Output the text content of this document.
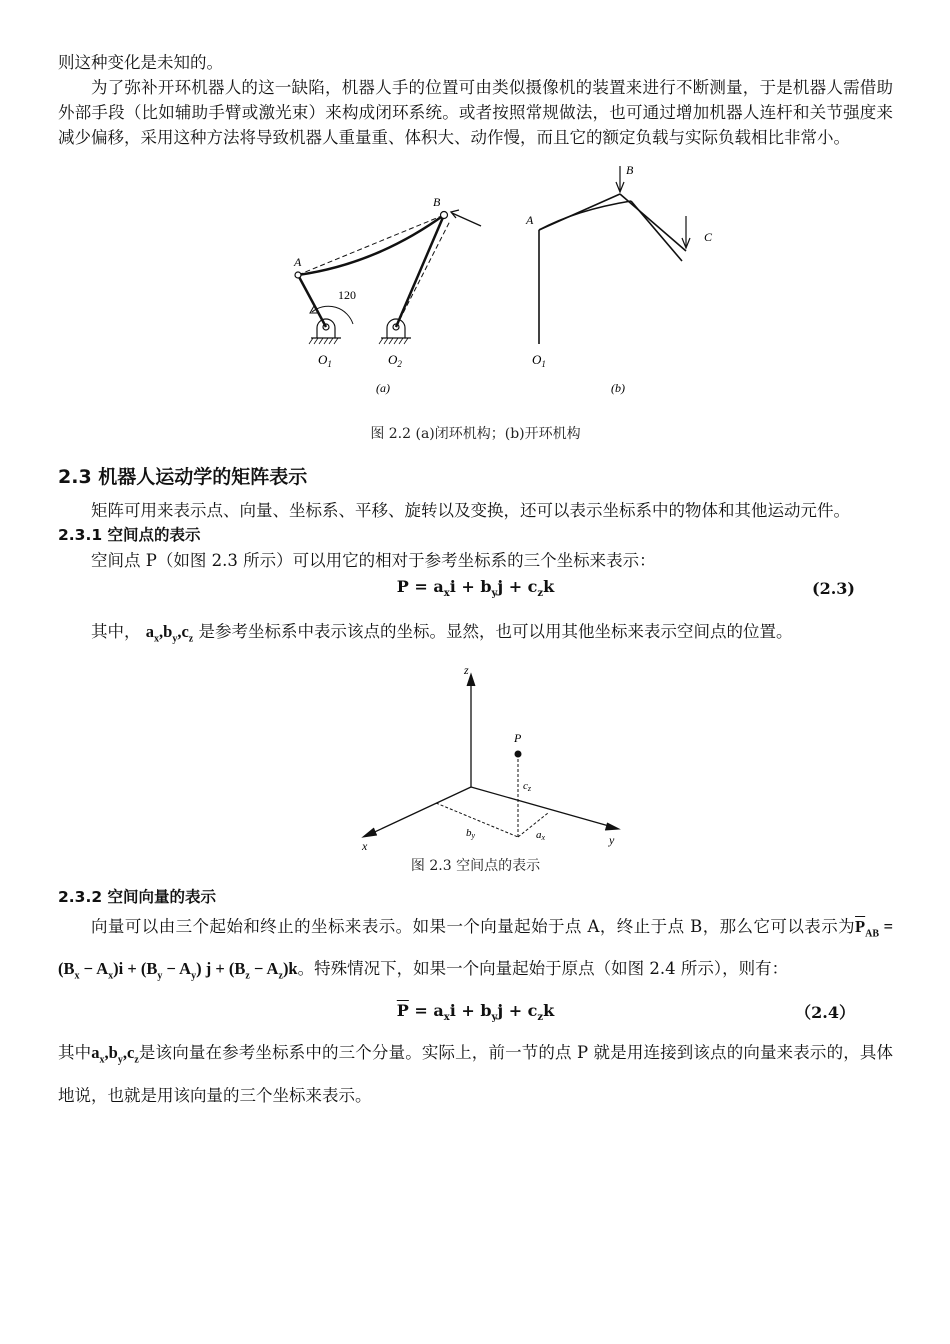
则这种变化是未知的。

为了弥补开环机器人的这一缺陷，机器人手的位置可由类似摄像机的装置来进行不断测量，于是机器人需借助外部手段（比如辅助手臂或激光束）来构成闭环系统。或者按照常规做法，也可通过增加机器人连杆和关节强度来减少偏移，采用这种方法将导致机器人重量重、体积大、动作慢，而且它的额定负载与实际负载相比非常小。

A
B
120
$O_1$	$O_2$
(a)
A
B
C
$O_1$
(b)

图 2.2 (a)闭环机构；(b)开环机构

2.3 机器人运动学的矩阵表示

矩阵可用来表示点、向量、坐标系、平移、旋转以及变换，还可以表示坐标系中的物体和其他运动元件。

2.3.1 空间点的表示

空间点 P（如图 2.3 所示）可以用它的相对于参考坐标系的三个坐标来表示：

$P = a_xi + b_yj + c_zk$	(2.3)

其中， $a_x,b_y,c_z$ 是参考坐标系中表示该点的坐标。显然，也可以用其他坐标来表示空间点的位置。

z
x	y
P
cz
by	ax

图 2.3 空间点的表示

2.3.2 空间向量的表示

向量可以由三个起始和终止的坐标来表示。如果一个向量起始于点 A，终止于点 B，那么它可以表示为$\overline{P}_{AB} = (B_x - A_x)i + (B_y - A_y) j + (B_z - A_z)k$。特殊情况下，如果一个向量起始于原点（如图 2.4 所示），则有：

$\overline{P} = a_xi + b_yj + c_zk$	（2.4）

其中$a_x,b_y,c_z$是该向量在参考坐标系中的三个分量。实际上，前一节的点 P 就是用连接到该点的向量来表示的，具体地说，也就是用该向量的三个坐标来表示。
